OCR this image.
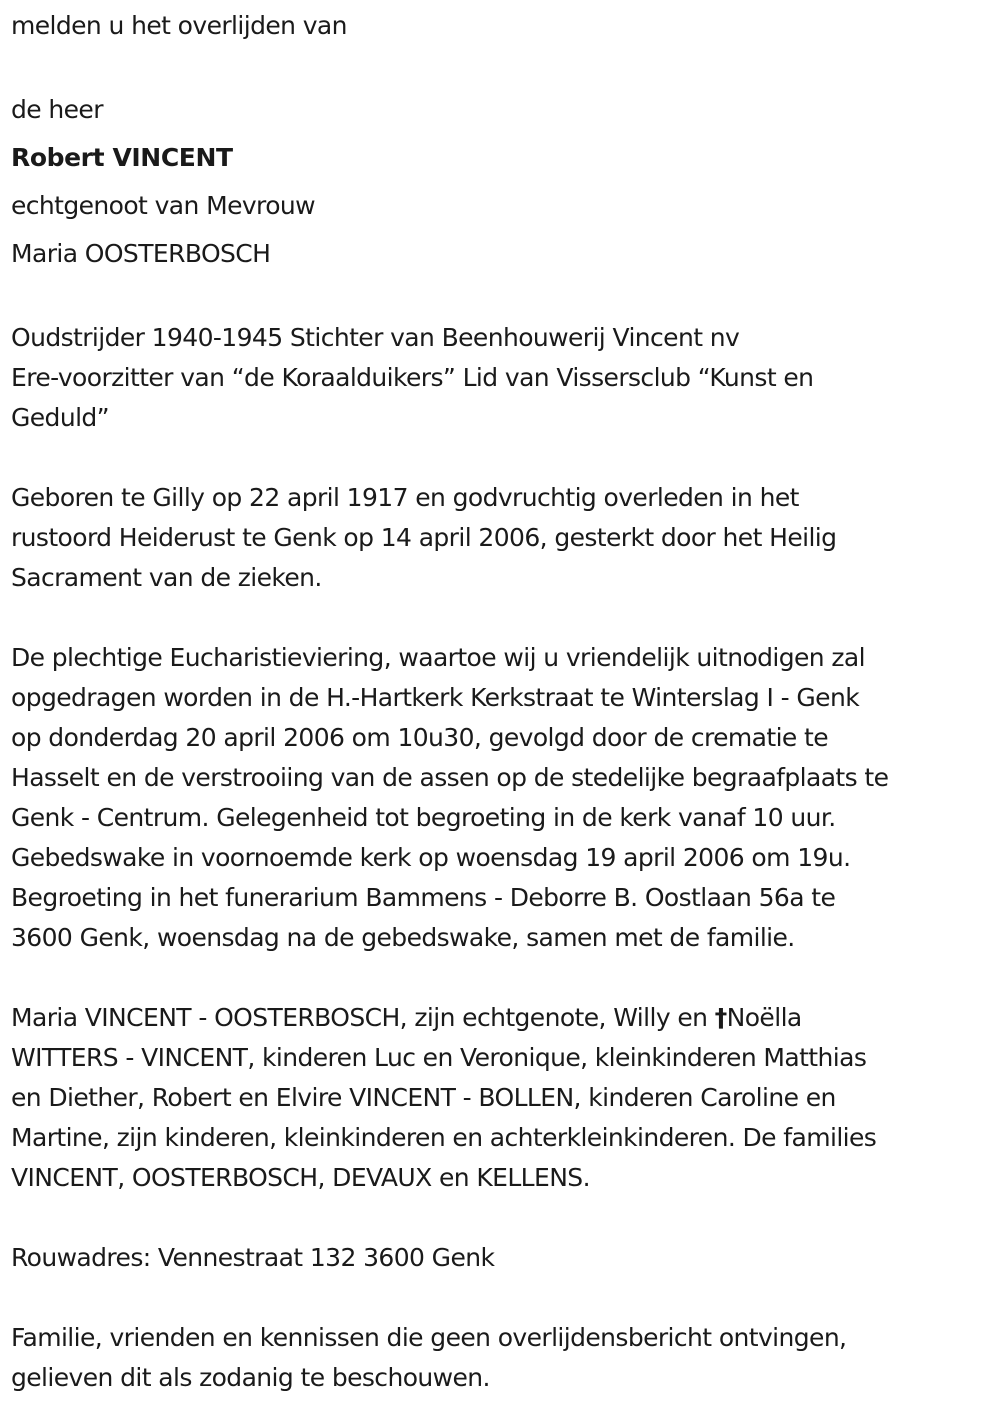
melden u het overlijden van
de heer
Robert VINCENT
echtgenoot van Mevrouw
Maria OOSTERBOSCH
Oudstrijder 1940-1945 Stichter van Beenhouwerij Vincent nv
Ere-voorzitter van “de Koraalduikers” Lid van Vissersclub “Kunst en
Geduld”
Geboren te Gilly op 22 april 1917 en godvruchtig overleden in het
rustoord Heiderust te Genk op 14 april 2006, gesterkt door het Heilig
Sacrament van de zieken.
De plechtige Eucharistieviering, waartoe wij u vriendelijk uitnodigen zal
opgedragen worden in de H.-Hartkerk Kerkstraat te Winterslag I - Genk
op donderdag 20 april 2006 om 10u30, gevolgd door de crematie te
Hasselt en de verstrooiing van de assen op de stedelijke begraafplaats te
Genk - Centrum. Gelegenheid tot begroeting in de kerk vanaf 10 uur.
Gebedswake in voornoemde kerk op woensdag 19 april 2006 om 19u.
Begroeting in het funerarium Bammens - Deborre B. Oostlaan 56a te
3600 Genk, woensdag na de gebedswake, samen met de familie.
Maria VINCENT - OOSTERBOSCH, zijn echtgenote, Willy en †Noëlla
WITTERS - VINCENT, kinderen Luc en Veronique, kleinkinderen Matthias
en Diether, Robert en Elvire VINCENT - BOLLEN, kinderen Caroline en
Martine, zijn kinderen, kleinkinderen en achterkleinkinderen. De families
VINCENT, OOSTERBOSCH, DEVAUX en KELLENS.
Rouwadres: Vennestraat 132 3600 Genk
Familie, vrienden en kennissen die geen overlijdensbericht ontvingen,
gelieven dit als zodanig te beschouwen.
